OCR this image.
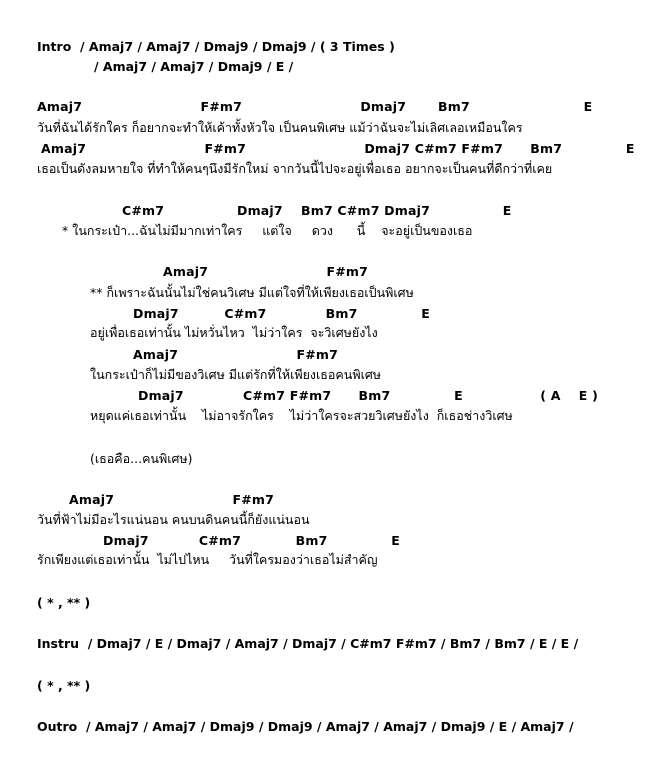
Intro  / Amaj7 / Amaj7 / Dmaj9 / Dmaj9 / ( 3 Times )
/ Amaj7 / Amaj7 / Dmaj9 / E /
Amaj7                          F#m7                          Dmaj7       Bm7                         E
วันที่ฉันได้รักใคร ก็อยากจะทำให้เค้าทั้งหัวใจ เป็นคนพิเศษ แม้ว่าฉันจะไม่เลิศเลอเหมือนใคร
Amaj7                          F#m7                          Dmaj7 C#m7 F#m7      Bm7              E
เธอเป็นดังลมหายใจ ที่ทำให้คนๆนึงมีรักใหม่ จากวันนี้ไปจะอยู่เพื่อเธอ อยากจะเป็นคนที่ดีกว่าที่เคย
C#m7                Dmaj7    Bm7 C#m7 Dmaj7                E
* ในกระเป๋า...ฉันไม่มีมากเท่าใคร     แต่ใจ     ดวง      นี้    จะอยู่เป็นของเธอ
Amaj7                          F#m7
** ก็เพราะฉันนั้นไม่ใช่คนวิเศษ มีแต่ใจที่ให้เพียงเธอเป็นพิเศษ
Dmaj7          C#m7             Bm7              E
อยู่เพื่อเธอเท่านั้น ไม่หวั่นไหว  ไม่ว่าใคร  จะวิเศษยังไง
Amaj7                          F#m7
ในกระเป๋าก็ไม่มีของวิเศษ มีแต่รักที่ให้เพียงเธอคนพิเศษ
Dmaj7             C#m7 F#m7      Bm7              E                 ( A    E )
หยุดแค่เธอเท่านั้น    ไม่อาจรักใคร    ไม่ว่าใครจะสวยวิเศษยังไง  ก็เธอช่างวิเศษ
(เธอคือ...คนพิเศษ)
Amaj7                          F#m7
วันที่ฟ้าไม่มีอะไรแน่นอน คนบนดินคนนี้ก็ยังแน่นอน
Dmaj7           C#m7            Bm7              E
รักเพียงแต่เธอเท่านั้น  ไม่ไปไหน     วันที่ใครมองว่าเธอไม่สำคัญ
( * , ** )
Instru  / Dmaj7 / E / Dmaj7 / Amaj7 / Dmaj7 / C#m7 F#m7 / Bm7 / Bm7 / E / E /
( * , ** )
Outro  / Amaj7 / Amaj7 / Dmaj9 / Dmaj9 / Amaj7 / Amaj7 / Dmaj9 / E / Amaj7 /
